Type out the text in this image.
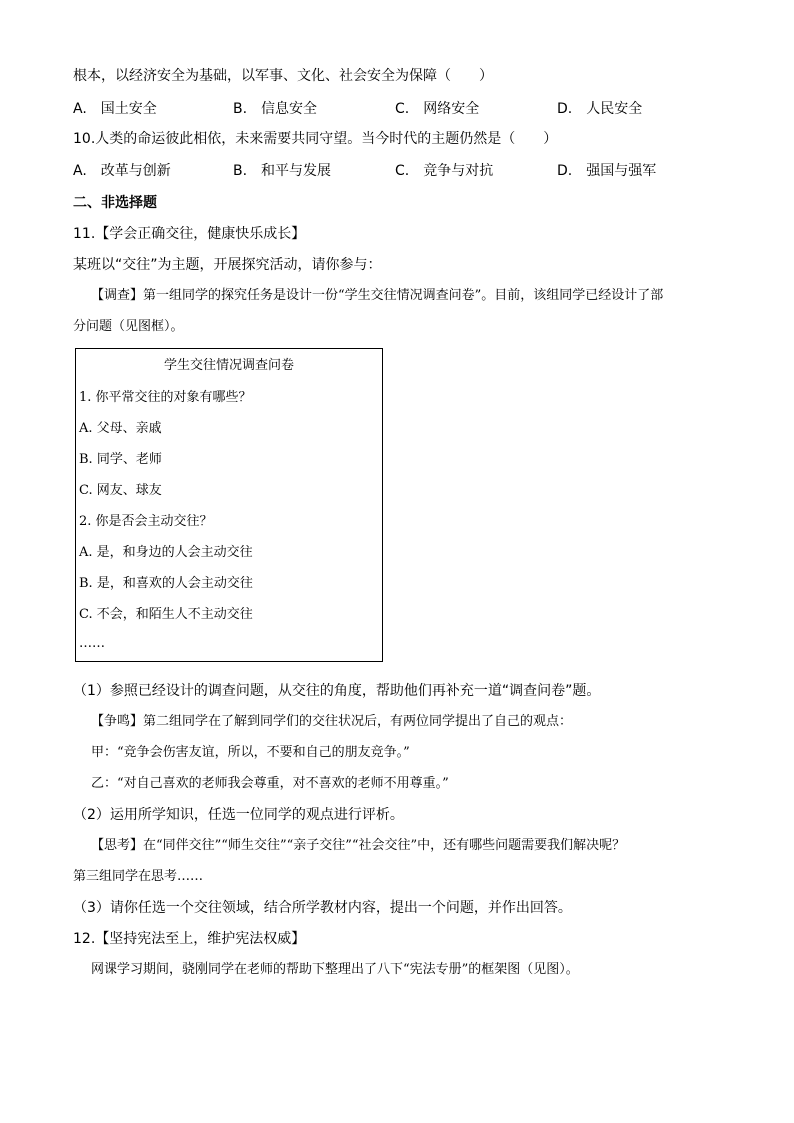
根本，以经济安全为基础，以军事、文化、社会安全为保障（　　）
A.　国土安全	B.　信息安全	C.　网络安全	D.　人民安全
10.人类的命运彼此相依，未来需要共同守望。当今时代的主题仍然是（　　）
A.　改革与创新	B.　和平与发展	C.　竞争与对抗	D.　强国与强军
二、非选择题
11.【学会正确交往，健康快乐成长】
某班以“交往”为主题，开展探究活动，请你参与：
【调查】第一组同学的探究任务是设计一份“学生交往情况调查问卷”。目前，该组同学已经设计了部
分问题（见图框）。
学生交往情况调查问卷
1. 你平常交往的对象有哪些？
A. 父母、亲戚
B. 同学、老师
C. 网友、球友
2. 你是否会主动交往？
A. 是，和身边的人会主动交往
B. 是，和喜欢的人会主动交往
C. 不会，和陌生人不主动交往
……
（1）参照已经设计的调查问题，从交往的角度，帮助他们再补充一道“调查问卷”题。
【争鸣】第二组同学在了解到同学们的交往状况后，有两位同学提出了自己的观点：
甲：“竞争会伤害友谊，所以，不要和自己的朋友竞争。”
乙：“对自己喜欢的老师我会尊重，对不喜欢的老师不用尊重。”
（2）运用所学知识，任选一位同学的观点进行评析。
【思考】在“同伴交往”“师生交往”“亲子交往”“社会交往”中，还有哪些问题需要我们解决呢？
第三组同学在思考……
（3）请你任选一个交往领域，结合所学教材内容，提出一个问题，并作出回答。
12.【坚持宪法至上，维护宪法权威】
网课学习期间，骁刚同学在老师的帮助下整理出了八下“宪法专册”的框架图（见图）。
